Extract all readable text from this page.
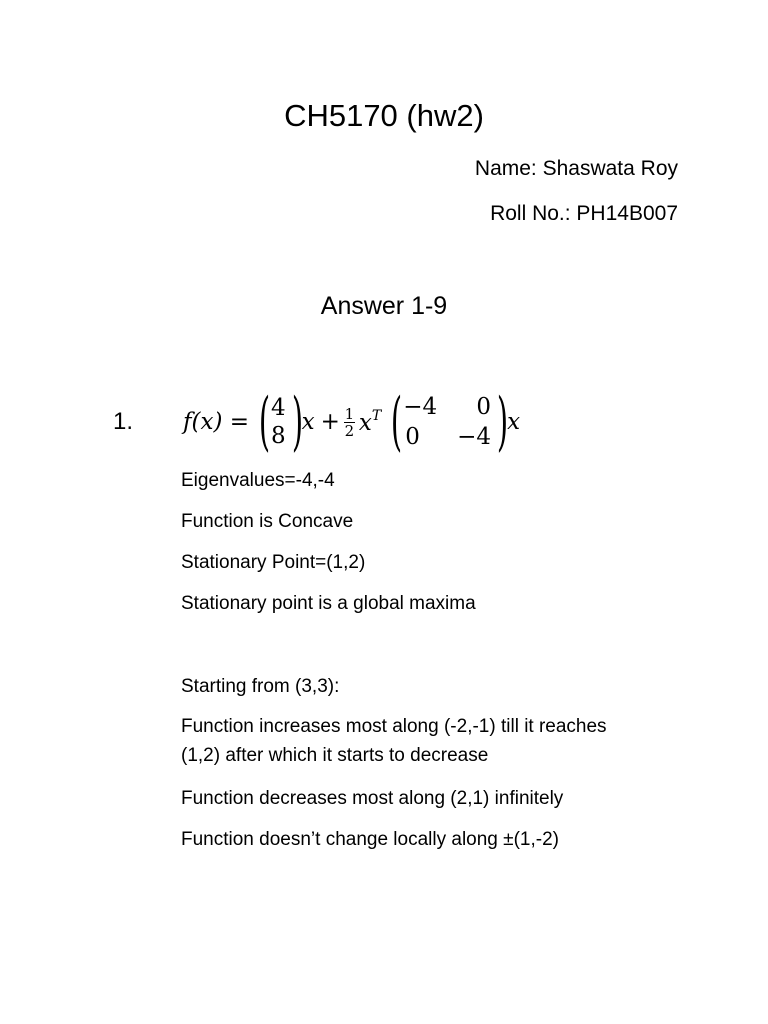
CH5170 (hw2)
Name: Shaswata Roy
Roll No.: PH14B007
Answer 1-9
1. f(x) = ( 4
8 )
$x + \frac{1}{2} x^T$ ( −4	0
0	−4 )
x
Eigenvalues=-4,-4
Function is Concave
Stationary Point=(1,2)
Stationary point is a global maxima
Starting from (3,3):
Function increases most along (-2,-1) till it reaches
(1,2) after which it starts to decrease
Function decreases most along (2,1) infinitely
Function doesn’t change locally along ±(1,-2)
